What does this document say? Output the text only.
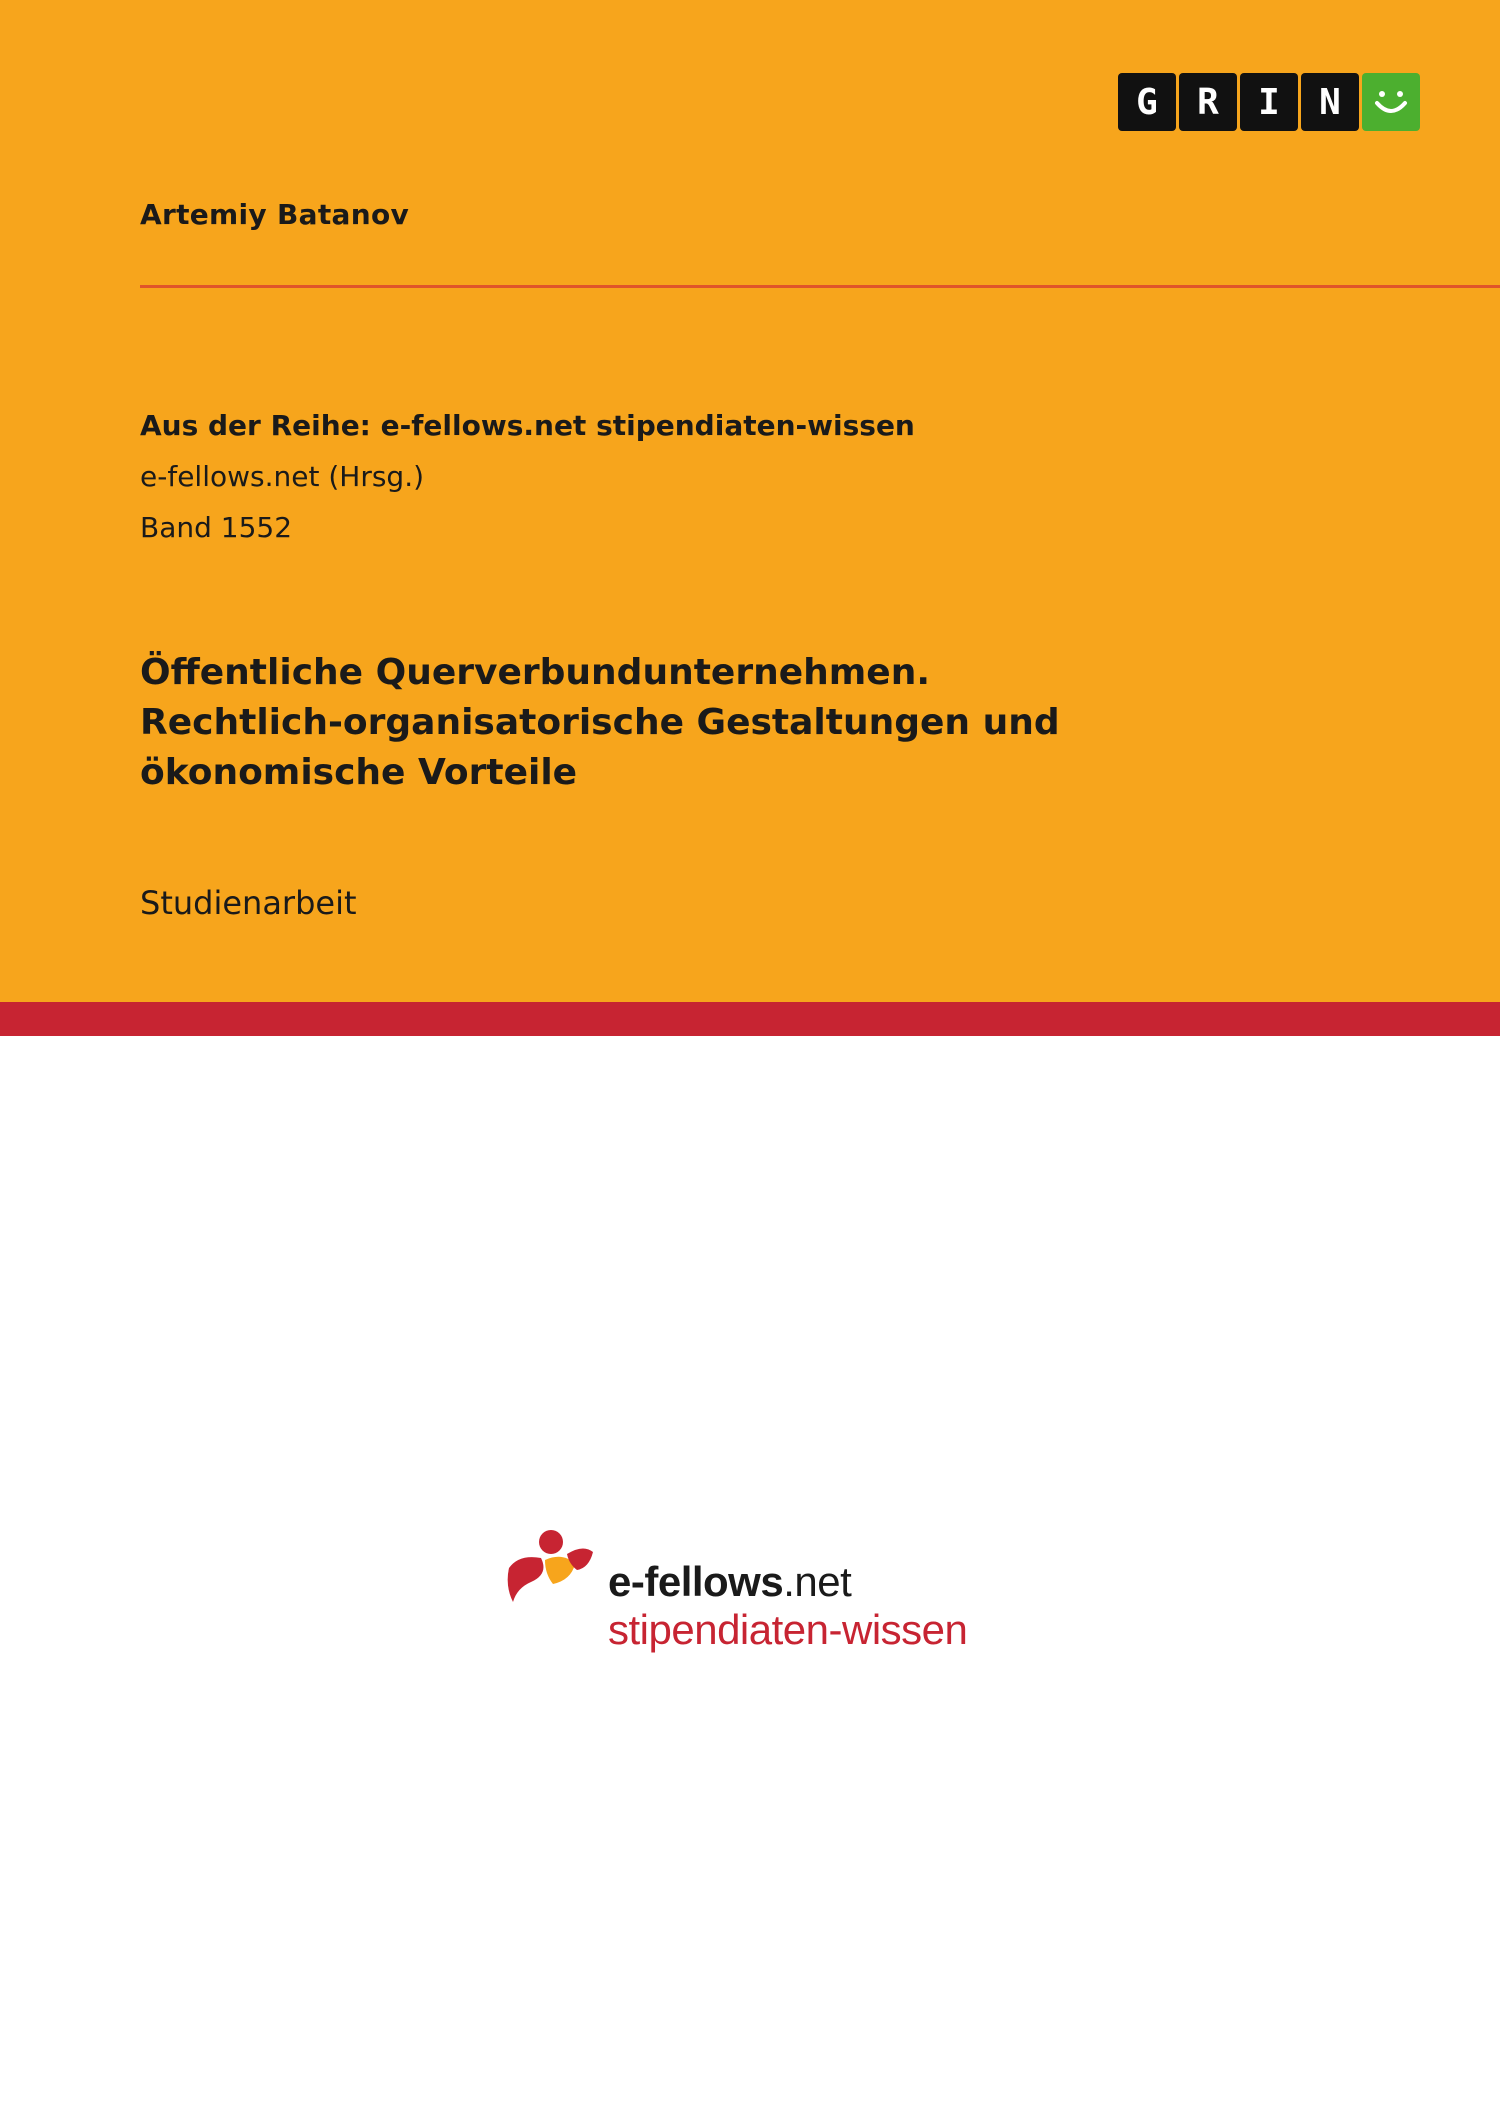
G	R	I	N
Artemiy Batanov

Aus der Reihe: e-fellows.net stipendiaten-wissen

e-fellows.net (Hrsg.)
Band 1552
Öffentliche Querverbundunternehmen.
Rechtlich-organisatorische Gestaltungen und
ökonomische Vorteile
Studienarbeit
e-fellows.net
stipendiaten-wissen
